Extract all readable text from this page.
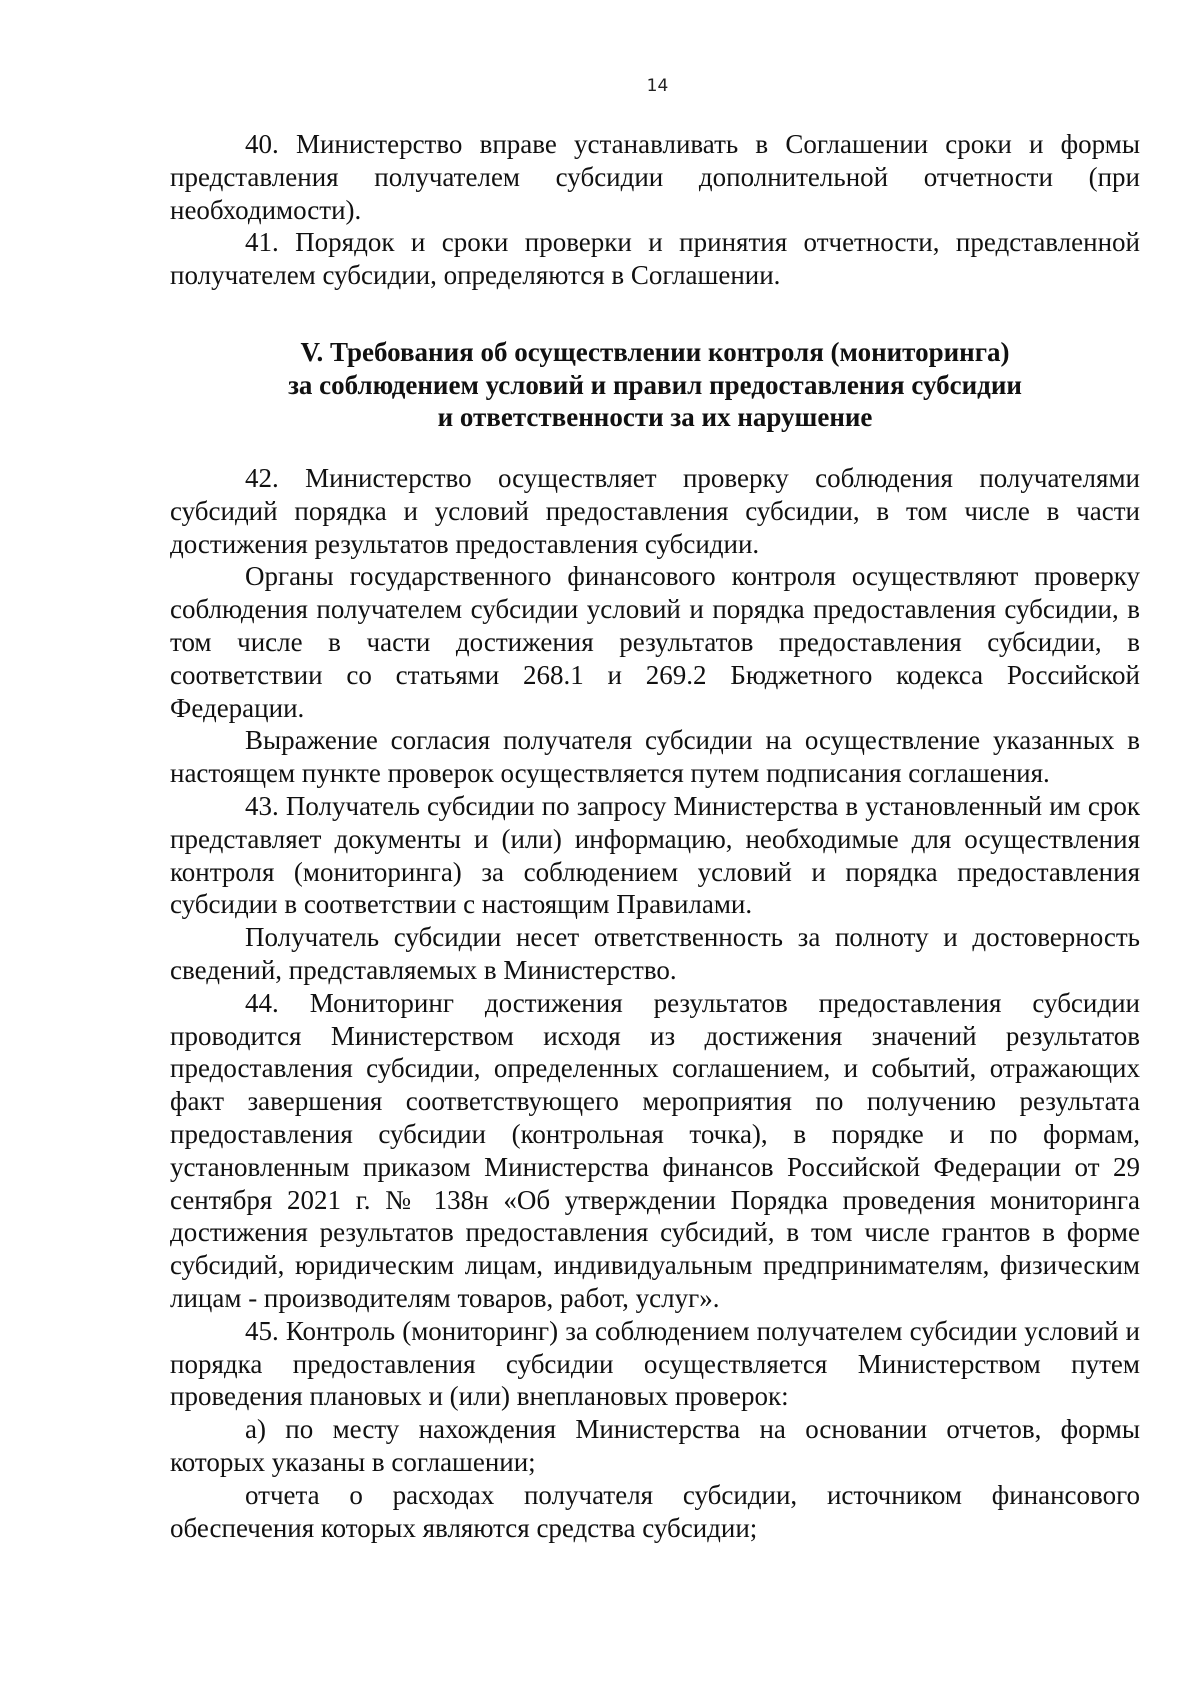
14

40. Министерство вправе устанавливать в Соглашении сроки и формы представления получателем субсидии дополнительной отчетности (при необходимости).

41. Порядок и сроки проверки и принятия отчетности, представленной получателем субсидии, определяются в Соглашении.

V. Требования об осуществлении контроля (мониторинга)
за соблюдением условий и правил предоставления субсидии
и ответственности за их нарушение

42. Министерство осуществляет проверку соблюдения получателями субсидий порядка и условий предоставления субсидии, в том числе в части достижения результатов предоставления субсидии.

Органы государственного финансового контроля осуществляют проверку соблюдения получателем субсидии условий и порядка предоставления субсидии, в том числе в части достижения результатов предоставления субсидии, в соответствии со статьями 268.1 и 269.2 Бюджетного кодекса Российской Федерации.

Выражение согласия получателя субсидии на осуществление указанных в настоящем пункте проверок осуществляется путем подписания соглашения.

43. Получатель субсидии по запросу Министерства в установленный им срок представляет документы и (или) информацию, необходимые для осуществления контроля (мониторинга) за соблюдением условий и порядка предоставления субсидии в соответствии с настоящим Правилами.

Получатель субсидии несет ответственность за полноту и достоверность сведений, представляемых в Министерство.

44. Мониторинг достижения результатов предоставления субсидии проводится Министерством исходя из достижения значений результатов предоставления субсидии, определенных соглашением, и событий, отражающих факт завершения соответствующего мероприятия по получению результата предоставления субсидии (контрольная точка), в порядке и по формам, установленным приказом Министерства финансов Российской Федерации от 29 сентября 2021 г. № 138н «Об утверждении Порядка проведения мониторинга достижения результатов предоставления субсидий, в том числе грантов в форме субсидий, юридическим лицам, индивидуальным предпринимателям, физическим лицам - производителям товаров, работ, услуг».

45. Контроль (мониторинг) за соблюдением получателем субсидии условий и порядка предоставления субсидии осуществляется Министерством путем проведения плановых и (или) внеплановых проверок:

а) по месту нахождения Министерства на основании отчетов, формы которых указаны в соглашении;

отчета о расходах получателя субсидии, источником финансового обеспечения которых являются средства субсидии;
